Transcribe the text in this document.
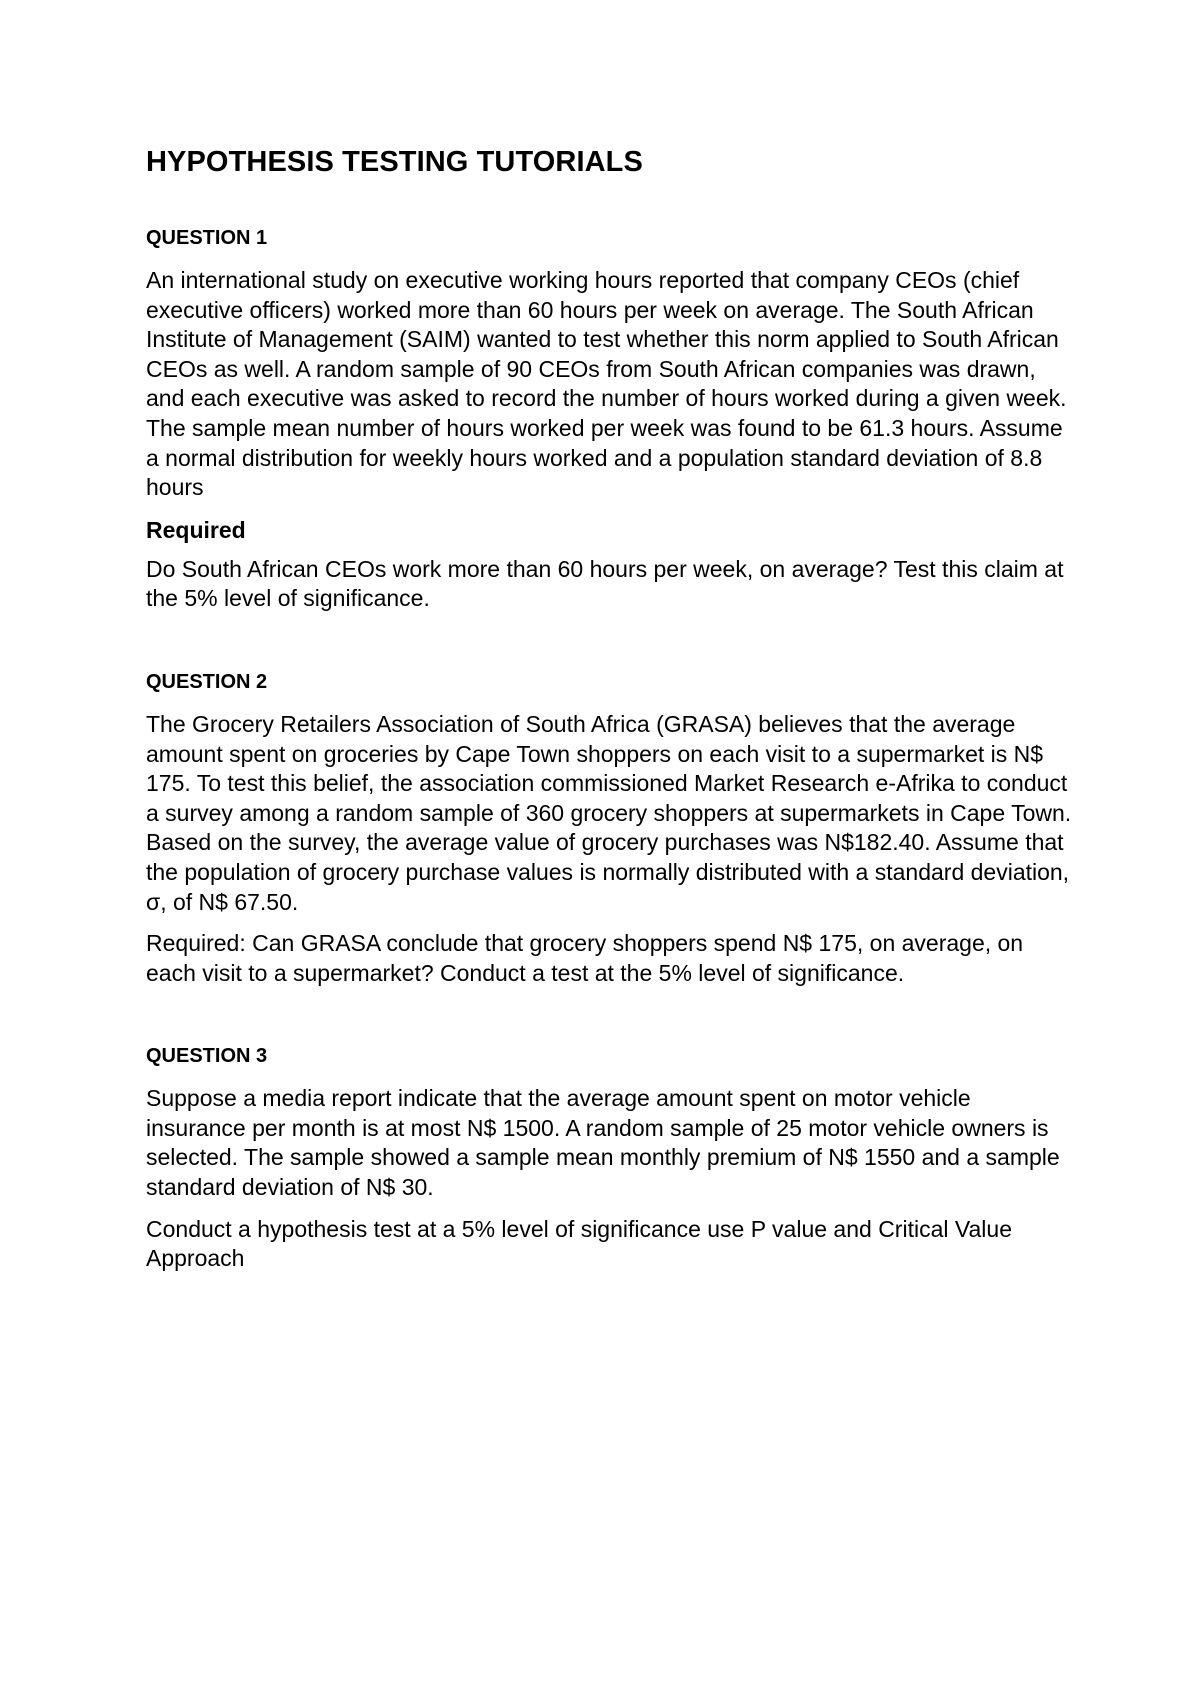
HYPOTHESIS TESTING TUTORIALS
QUESTION 1

An international study on executive working hours reported that company CEOs (chief executive officers) worked more than 60 hours per week on average. The South African Institute of Management (SAIM) wanted to test whether this norm applied to South African CEOs as well. A random sample of 90 CEOs from South African companies was drawn, and each executive was asked to record the number of hours worked during a given week. The sample mean number of hours worked per week was found to be 61.3 hours. Assume a normal distribution for weekly hours worked and a population standard deviation of 8.8 hours

Required

Do South African CEOs work more than 60 hours per week, on average? Test this claim at the 5% level of significance.

QUESTION 2

The Grocery Retailers Association of South Africa (GRASA) believes that the average amount spent on groceries by Cape Town shoppers on each visit to a supermarket is N$ 175. To test this belief, the association commissioned Market Research e-Afrika to conduct a survey among a random sample of 360 grocery shoppers at supermarkets in Cape Town. Based on the survey, the average value of grocery purchases was N$182.40. Assume that the population of grocery purchase values is normally distributed with a standard deviation, σ, of N$ 67.50.

Required: Can GRASA conclude that grocery shoppers spend N$ 175, on average, on each visit to a supermarket? Conduct a test at the 5% level of significance.

QUESTION 3

Suppose a media report indicate that the average amount spent on motor vehicle insurance per month is at most N$ 1500. A random sample of 25 motor vehicle owners is selected. The sample showed a sample mean monthly premium of N$ 1550 and a sample standard deviation of N$ 30.

Conduct a hypothesis test at a 5% level of significance use P value and Critical Value Approach
